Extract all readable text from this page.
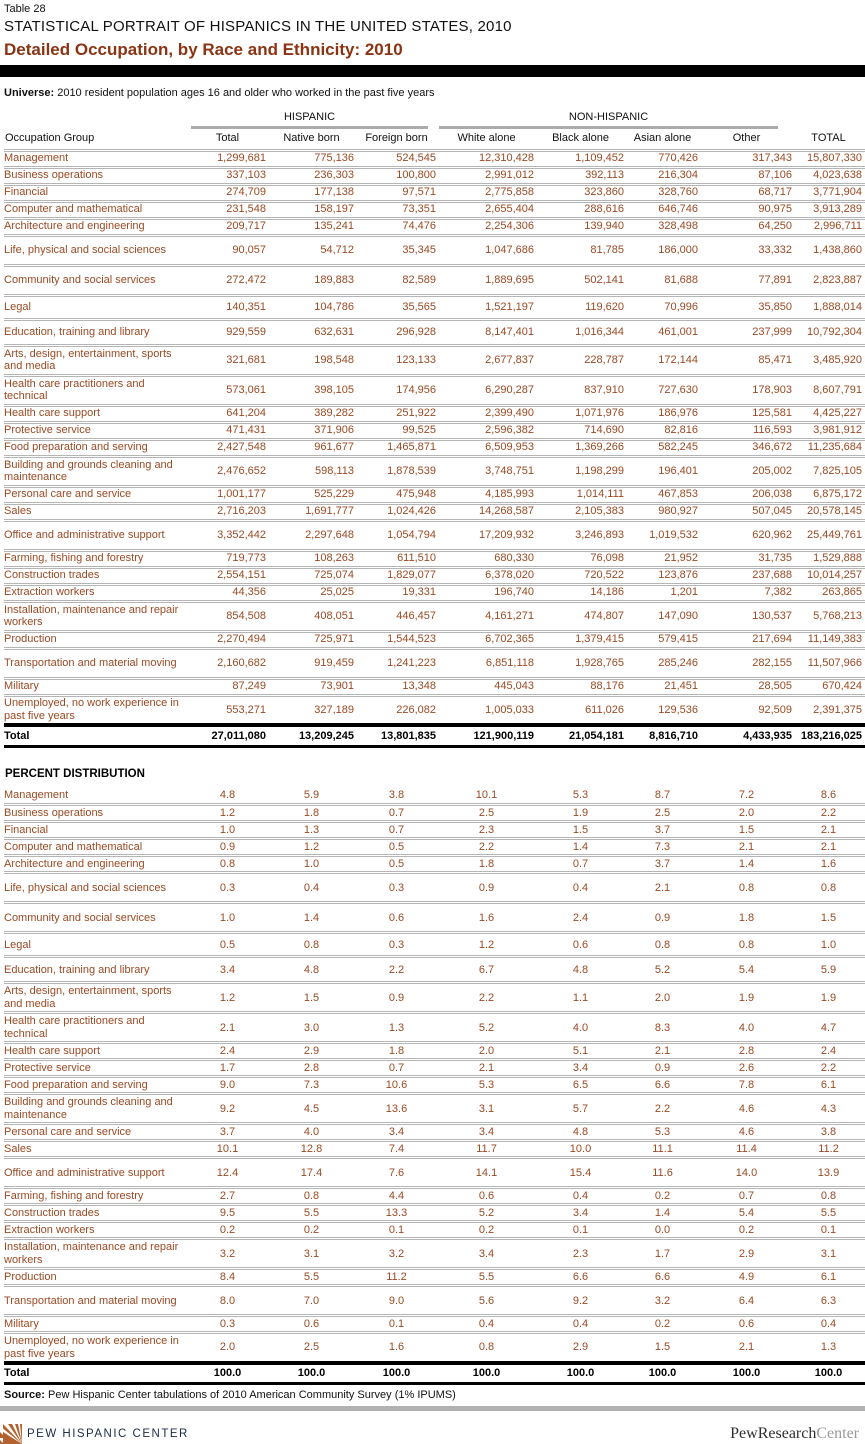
Table 28
STATISTICAL PORTRAIT OF HISPANICS IN THE UNITED STATES, 2010
Detailed Occupation, by Race and Ethnicity: 2010
Universe: 2010 resident population ages 16 and older who worked in the past five years

	HISPANIC			NON-HISPANIC				

Occupation Group	Total	Native born	Foreign born	White alone	Black alone	Asian alone	Other	TOTAL
Management	1,299,681	775,136	524,545	12,310,428	1,109,452	770,426	317,343	15,807,330
Business operations	337,103	236,303	100,800	2,991,012	392,113	216,304	87,106	4,023,638
Financial	274,709	177,138	97,571	2,775,858	323,860	328,760	68,717	3,771,904
Computer and mathematical	231,548	158,197	73,351	2,655,404	288,616	646,746	90,975	3,913,289
Architecture and engineering	209,717	135,241	74,476	2,254,306	139,940	328,498	64,250	2,996,711
Life, physical and social sciences	90,057	54,712	35,345	1,047,686	81,785	186,000	33,332	1,438,860
Community and social services	272,472	189,883	82,589	1,889,695	502,141	81,688	77,891	2,823,887
Legal	140,351	104,786	35,565	1,521,197	119,620	70,996	35,850	1,888,014
Education, training and library	929,559	632,631	296,928	8,147,401	1,016,344	461,001	237,999	10,792,304
Arts, design, entertainment, sports and media	321,681	198,548	123,133	2,677,837	228,787	172,144	85,471	3,485,920
Health care practitioners and technical	573,061	398,105	174,956	6,290,287	837,910	727,630	178,903	8,607,791
Health care support	641,204	389,282	251,922	2,399,490	1,071,976	186,976	125,581	4,425,227
Protective service	471,431	371,906	99,525	2,596,382	714,690	82,816	116,593	3,981,912
Food preparation and serving	2,427,548	961,677	1,465,871	6,509,953	1,369,266	582,245	346,672	11,235,684
Building and grounds cleaning and maintenance	2,476,652	598,113	1,878,539	3,748,751	1,198,299	196,401	205,002	7,825,105
Personal care and service	1,001,177	525,229	475,948	4,185,993	1,014,111	467,853	206,038	6,875,172
Sales	2,716,203	1,691,777	1,024,426	14,268,587	2,105,383	980,927	507,045	20,578,145
Office and administrative support	3,352,442	2,297,648	1,054,794	17,209,932	3,246,893	1,019,532	620,962	25,449,761
Farming, fishing and forestry	719,773	108,263	611,510	680,330	76,098	21,952	31,735	1,529,888
Construction trades	2,554,151	725,074	1,829,077	6,378,020	720,522	123,876	237,688	10,014,257
Extraction workers	44,356	25,025	19,331	196,740	14,186	1,201	7,382	263,865
Installation, maintenance and repair workers	854,508	408,051	446,457	4,161,271	474,807	147,090	130,537	5,768,213
Production	2,270,494	725,971	1,544,523	6,702,365	1,379,415	579,415	217,694	11,149,383
Transportation and material moving	2,160,682	919,459	1,241,223	6,851,118	1,928,765	285,246	282,155	11,507,966
Military	87,249	73,901	13,348	445,043	88,176	21,451	28,505	670,424
Unemployed, no work experience in past five years	553,271	327,189	226,082	1,005,033	611,026	129,536	92,509	2,391,375
Total	27,011,080	13,209,245	13,801,835	121,900,119	21,054,181	8,816,710	4,433,935	183,216,025
PERCENT DISTRIBUTION								
Management	4.8	5.9	3.8	10.1	5.3	8.7	7.2	8.6
Business operations	1.2	1.8	0.7	2.5	1.9	2.5	2.0	2.2
Financial	1.0	1.3	0.7	2.3	1.5	3.7	1.5	2.1
Computer and mathematical	0.9	1.2	0.5	2.2	1.4	7.3	2.1	2.1
Architecture and engineering	0.8	1.0	0.5	1.8	0.7	3.7	1.4	1.6
Life, physical and social sciences	0.3	0.4	0.3	0.9	0.4	2.1	0.8	0.8
Community and social services	1.0	1.4	0.6	1.6	2.4	0.9	1.8	1.5
Legal	0.5	0.8	0.3	1.2	0.6	0.8	0.8	1.0
Education, training and library	3.4	4.8	2.2	6.7	4.8	5.2	5.4	5.9
Arts, design, entertainment, sports and media	1.2	1.5	0.9	2.2	1.1	2.0	1.9	1.9
Health care practitioners and technical	2.1	3.0	1.3	5.2	4.0	8.3	4.0	4.7
Health care support	2.4	2.9	1.8	2.0	5.1	2.1	2.8	2.4
Protective service	1.7	2.8	0.7	2.1	3.4	0.9	2.6	2.2
Food preparation and serving	9.0	7.3	10.6	5.3	6.5	6.6	7.8	6.1
Building and grounds cleaning and maintenance	9.2	4.5	13.6	3.1	5.7	2.2	4.6	4.3
Personal care and service	3.7	4.0	3.4	3.4	4.8	5.3	4.6	3.8
Sales	10.1	12.8	7.4	11.7	10.0	11.1	11.4	11.2
Office and administrative support	12.4	17.4	7.6	14.1	15.4	11.6	14.0	13.9
Farming, fishing and forestry	2.7	0.8	4.4	0.6	0.4	0.2	0.7	0.8
Construction trades	9.5	5.5	13.3	5.2	3.4	1.4	5.4	5.5
Extraction workers	0.2	0.2	0.1	0.2	0.1	0.0	0.2	0.1
Installation, maintenance and repair workers	3.2	3.1	3.2	3.4	2.3	1.7	2.9	3.1
Production	8.4	5.5	11.2	5.5	6.6	6.6	4.9	6.1
Transportation and material moving	8.0	7.0	9.0	5.6	9.2	3.2	6.4	6.3
Military	0.3	0.6	0.1	0.4	0.4	0.2	0.6	0.4
Unemployed, no work experience in past five years	2.0	2.5	1.6	0.8	2.9	1.5	2.1	1.3
Total	100.0	100.0	100.0	100.0	100.0	100.0	100.0	100.0
Source: Pew Hispanic Center tabulations of 2010 American Community Survey (1% IPUMS)
PEW HISPANIC CENTER	PewResearchCenter
